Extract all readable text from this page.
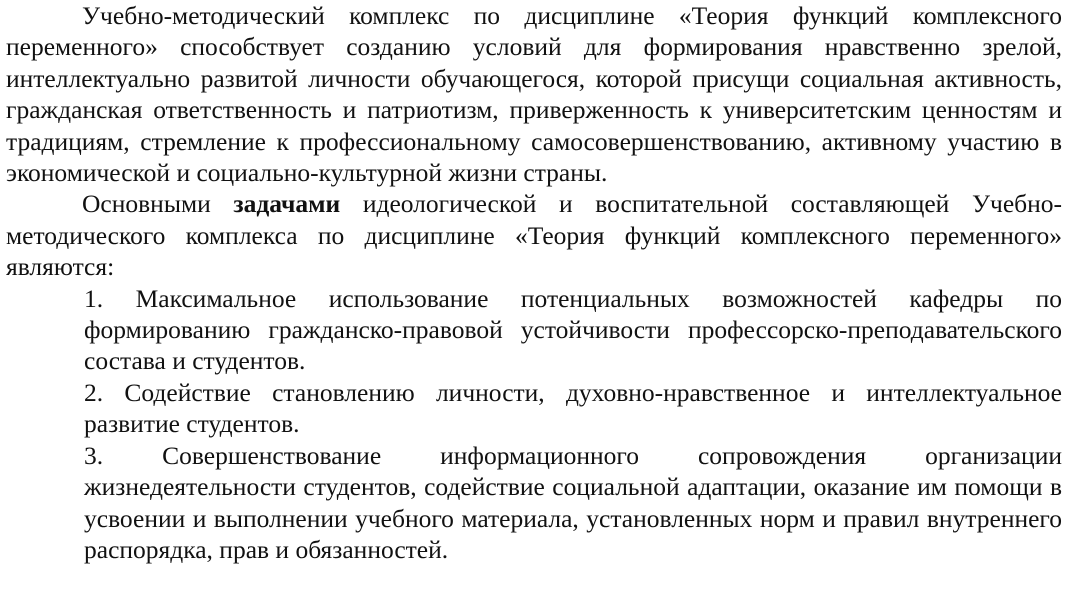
Учебно-методический комплекс по дисциплине «Теория функций комплексного переменного» способствует созданию условий для формирования нравственно зрелой, интеллектуально развитой личности обучающегося, которой присущи социальная активность, гражданская ответственность и патриотизм, приверженность к университетским ценностям и традициям, стремление к профессиональному самосовершенствованию, активному участию в экономической и социально-культурной жизни страны.

Основными задачами идеологической и воспитательной составляющей Учебно-методического комплекса по дисциплине «Теория функций комплексного переменного» являются:

1. Максимальное использование потенциальных возможностей кафедры по формированию гражданско-правовой устойчивости профессорско-преподавательского состава и студентов.

2. Содействие становлению личности, духовно-нравственное и интеллектуальное развитие студентов.

3. Совершенствование информационного сопровождения организации жизнедеятельности студентов, содействие социальной адаптации, оказание им помощи в усвоении и выполнении учебного материала, установленных норм и правил внутреннего распорядка, прав и обязанностей.
